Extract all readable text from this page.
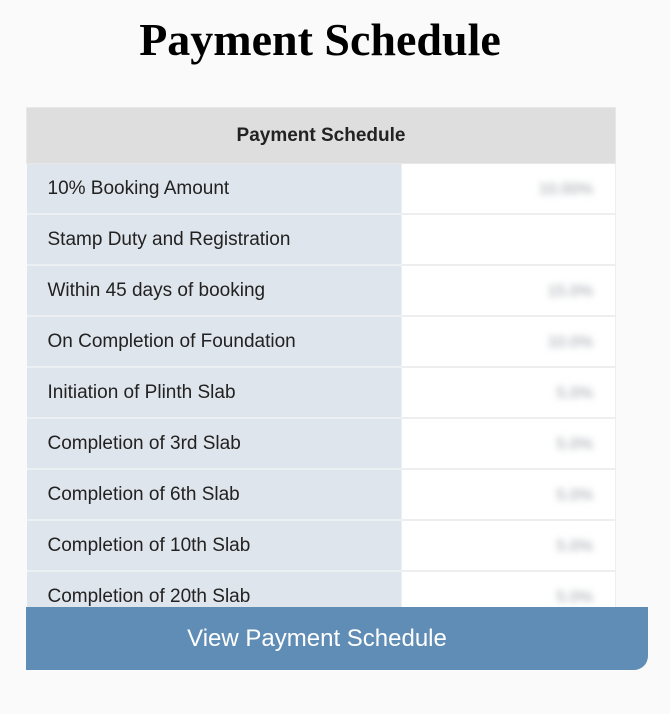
Payment Schedule
Payment Schedule	
10% Booking Amount	10.00%
Stamp Duty and Registration	
Within 45 days of booking	15.0%
On Completion of Foundation	10.0%
Initiation of Plinth Slab	5.0%
Completion of 3rd Slab	5.0%
Completion of 6th Slab	5.0%
Completion of 10th Slab	5.0%
Completion of 20th Slab	5.0%
View Payment Schedule
